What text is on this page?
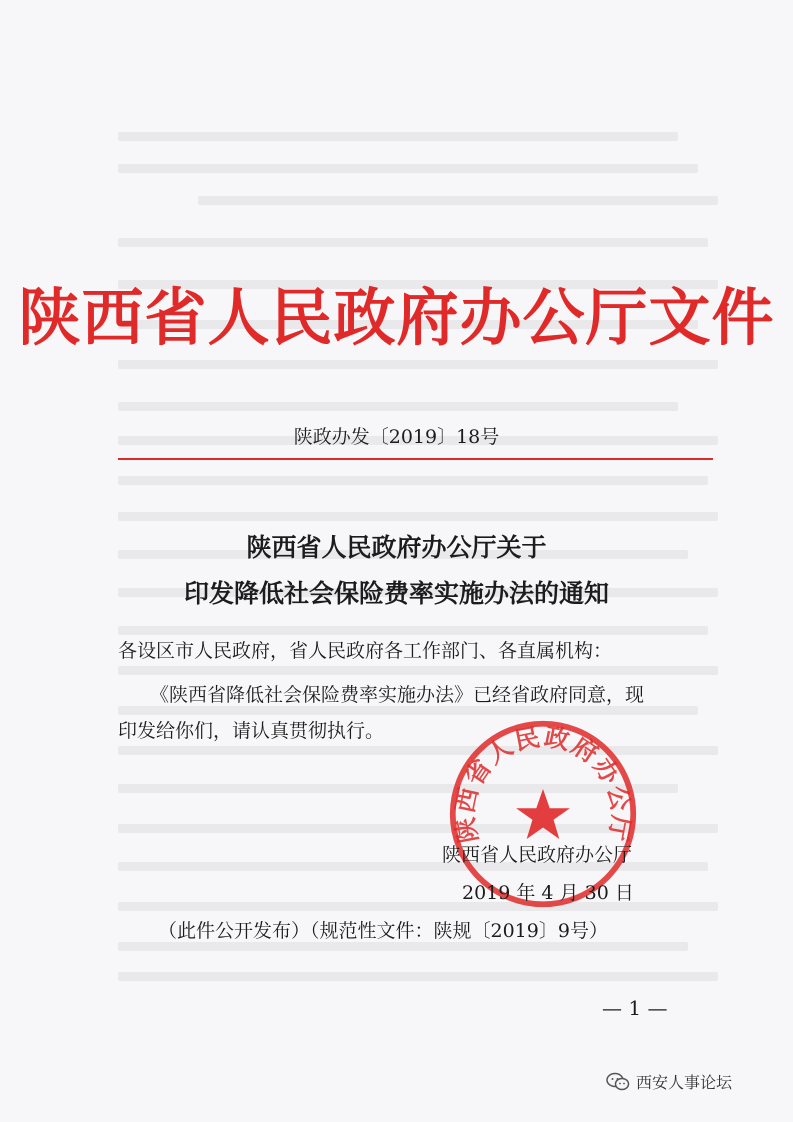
陕西省人民政府办公厅文件
陕政办发〔2019〕18号
陕西省人民政府办公厅关于
印发降低社会保险费率实施办法的通知
各设区市人民政府，省人民政府各工作部门、各直属机构：
《陕西省降低社会保险费率实施办法》已经省政府同意，现
印发给你们，请认真贯彻执行。
陕西省人民政府办公厅
陕西省人民政府办公厅
2019 年 4 月 30 日
（此件公开发布）（规范性文件：陕规〔2019〕9号）
— 1 —
西安人事论坛
